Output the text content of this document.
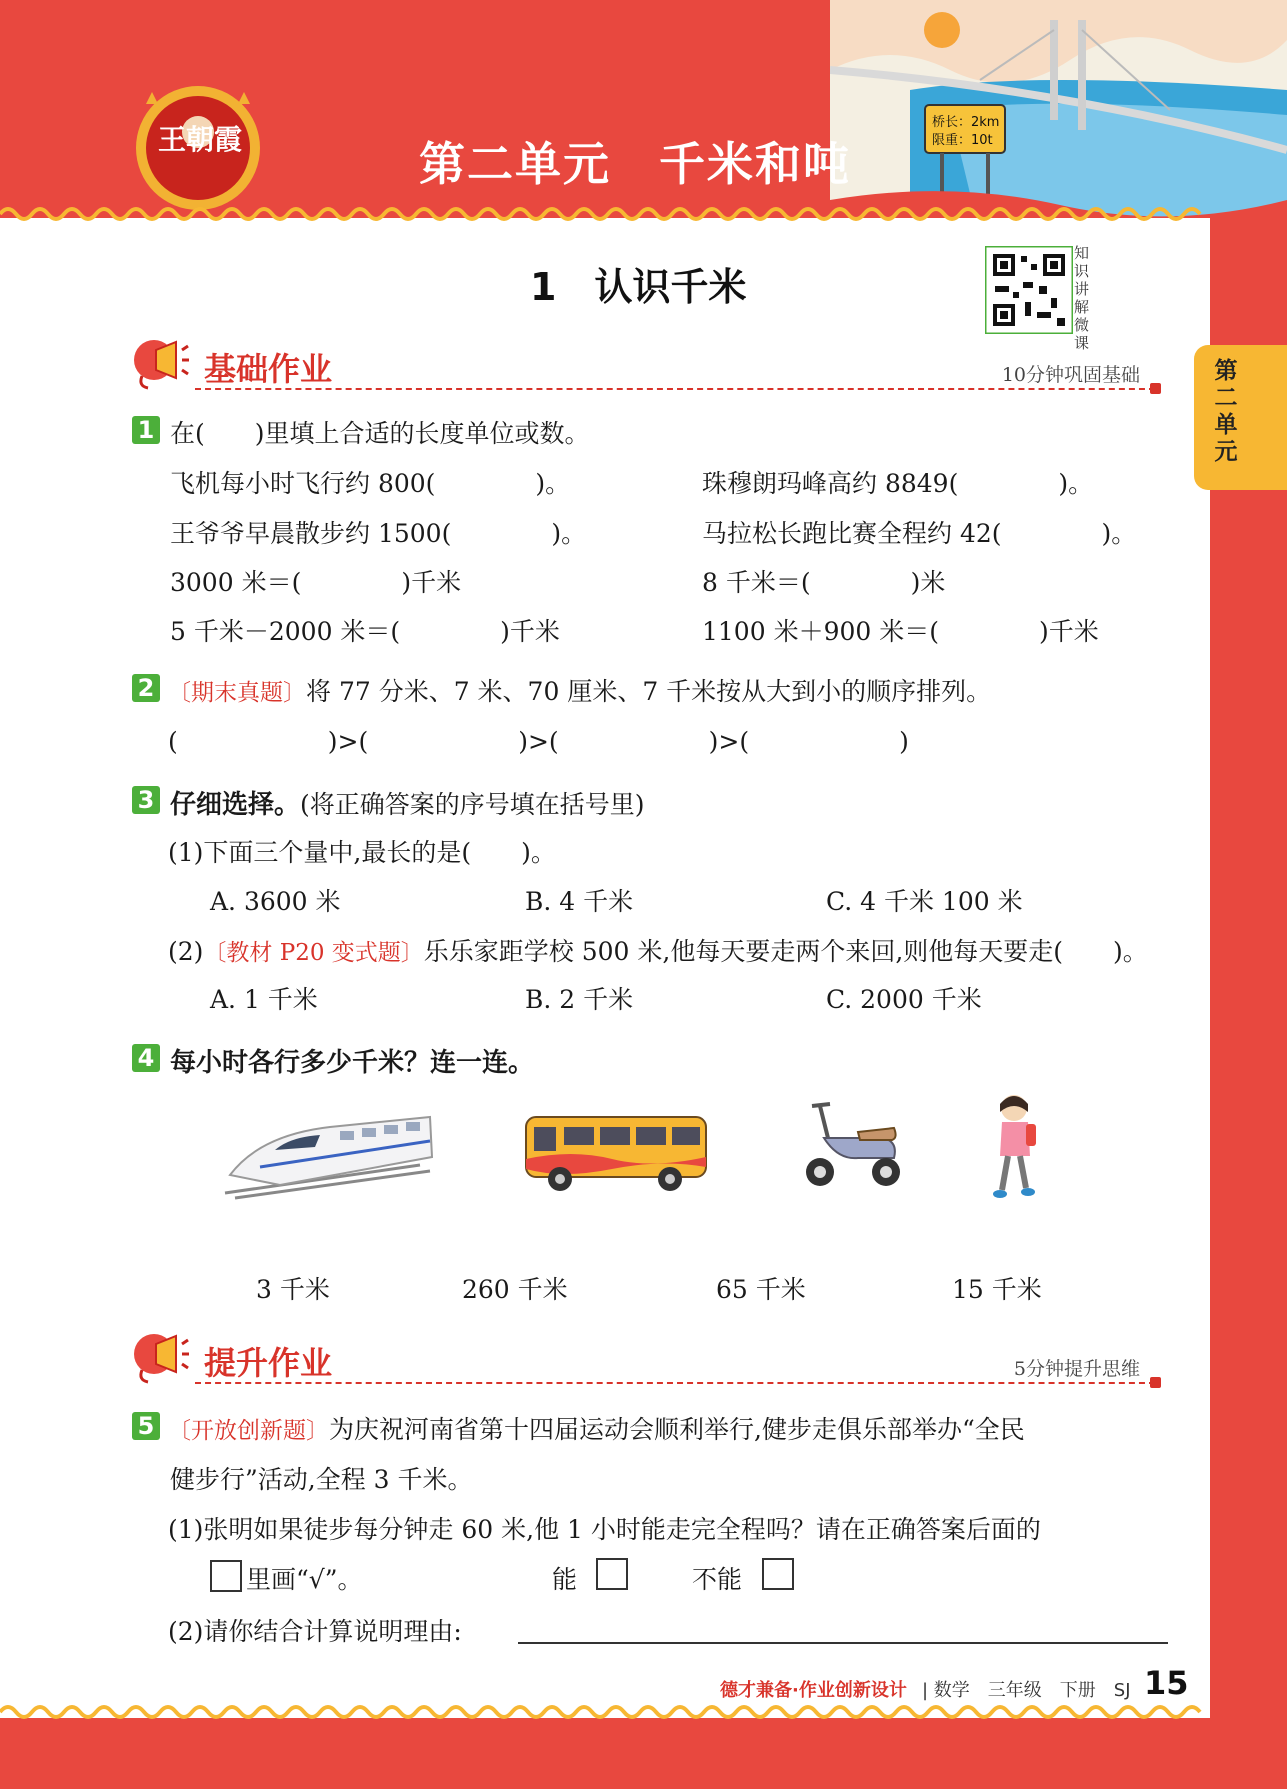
桥长：2km
限重：10t
王朝霞	第二单元　千米和吨
第二单元
1　认识千米
知识讲解微课
基础作业	10分钟巩固基础
1 在(　　)里填上合适的长度单位或数。
飞机每小时飞行约 800(　　　　)。	珠穆朗玛峰高约 8849(　　　　)。
王爷爷早晨散步约 1500(　　　　)。	马拉松长跑比赛全程约 42(　　　　)。
3000 米＝(　　　　)千米	8 千米＝(　　　　)米
5 千米－2000 米＝(　　　　)千米	1100 米＋900 米＝(　　　　)千米
2 〔期末真题〕将 77 分米、7 米、70 厘米、7 千米按从大到小的顺序排列。
(　　　　　　)>(　　　　　　)>(　　　　　　)>(　　　　　　)
3 仔细选择。(将正确答案的序号填在括号里)
(1)下面三个量中,最长的是(　　)。
A. 3600 米	B. 4 千米	C. 4 千米 100 米
(2)〔教材 P20 变式题〕乐乐家距学校 500 米,他每天要走两个来回,则他每天要走(　　)。
A. 1 千米	B. 2 千米	C. 2000 千米
4 每小时各行多少千米？连一连。
3 千米	260 千米	65 千米	15 千米
提升作业	5分钟提升思维
5 〔开放创新题〕为庆祝河南省第十四届运动会顺利举行,健步走俱乐部举办“全民
健步行”活动,全程 3 千米。
(1)张明如果徒步每分钟走 60 米,他 1 小时能走完全程吗？请在正确答案后面的
里画“√”。	能	不能
(2)请你结合计算说明理由:
德才兼备·作业创新设计 | 数学　三年级　下册　SJ 15
